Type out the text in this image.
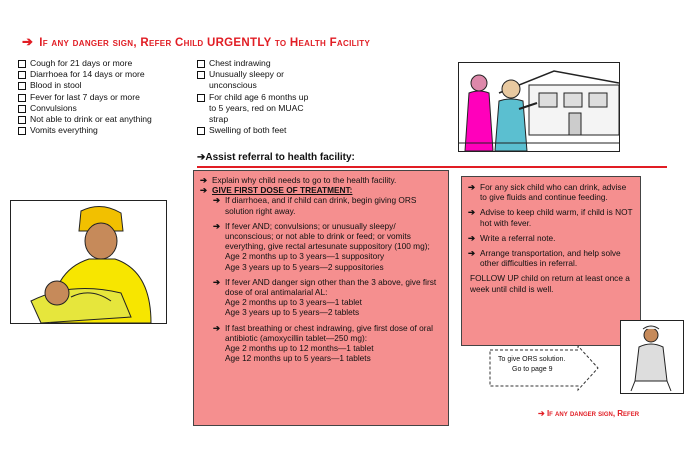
➔ If any danger sign, Refer Child URGENTLY to Health Facility
Cough for 21 days or more
Diarrhoea for 14 days or more
Blood in stool
Fever for last 7 days or more
Convulsions
Not able to drink or eat anything
Vomits everything
Chest indrawing
Unusually sleepy or unconscious
For child age 6 months up to 5 years, red on MUAC strap
Swelling of both feet
➔Assist referral to health facility:
➔ Explain why child needs to go to the health facility.
➔ GIVE FIRST DOSE OF TREATMENT:
➔ If diarrhoea, and if child can drink, begin giving ORS solution right away.
➔ If fever AND; convulsions; or unusually sleepy/ unconscious; or not able to drink or feed; or vomits everything, give rectal artesunate suppository (100 mg);
Age 2 months up to 3 years—1 suppository
Age 3 years up to 5 years—2 suppositories
➔ If fever AND danger sign other than the 3 above, give first dose of oral antimalarial AL:
Age 2 months up to 3 years—1 tablet
Age 3 years up to 5 years—2 tablets
➔ If fast breathing or chest indrawing, give first dose of oral antibiotic (amoxycillin tablet—250 mg):
Age 2 months up to 12 months—1 tablet
Age 12 months up to 5 years—1 tablets
➔ For any sick child who can drink, advise to give fluids and continue feeding.
➔ Advise to keep child warm, if child is NOT hot with fever.
➔ Write a referral note.
➔ Arrange transportation, and help solve other difficulties in referral.
FOLLOW UP child on return at least once a week until child is well.
To give ORS solution.
Go to page 9
➔ If any danger sign, Refer
